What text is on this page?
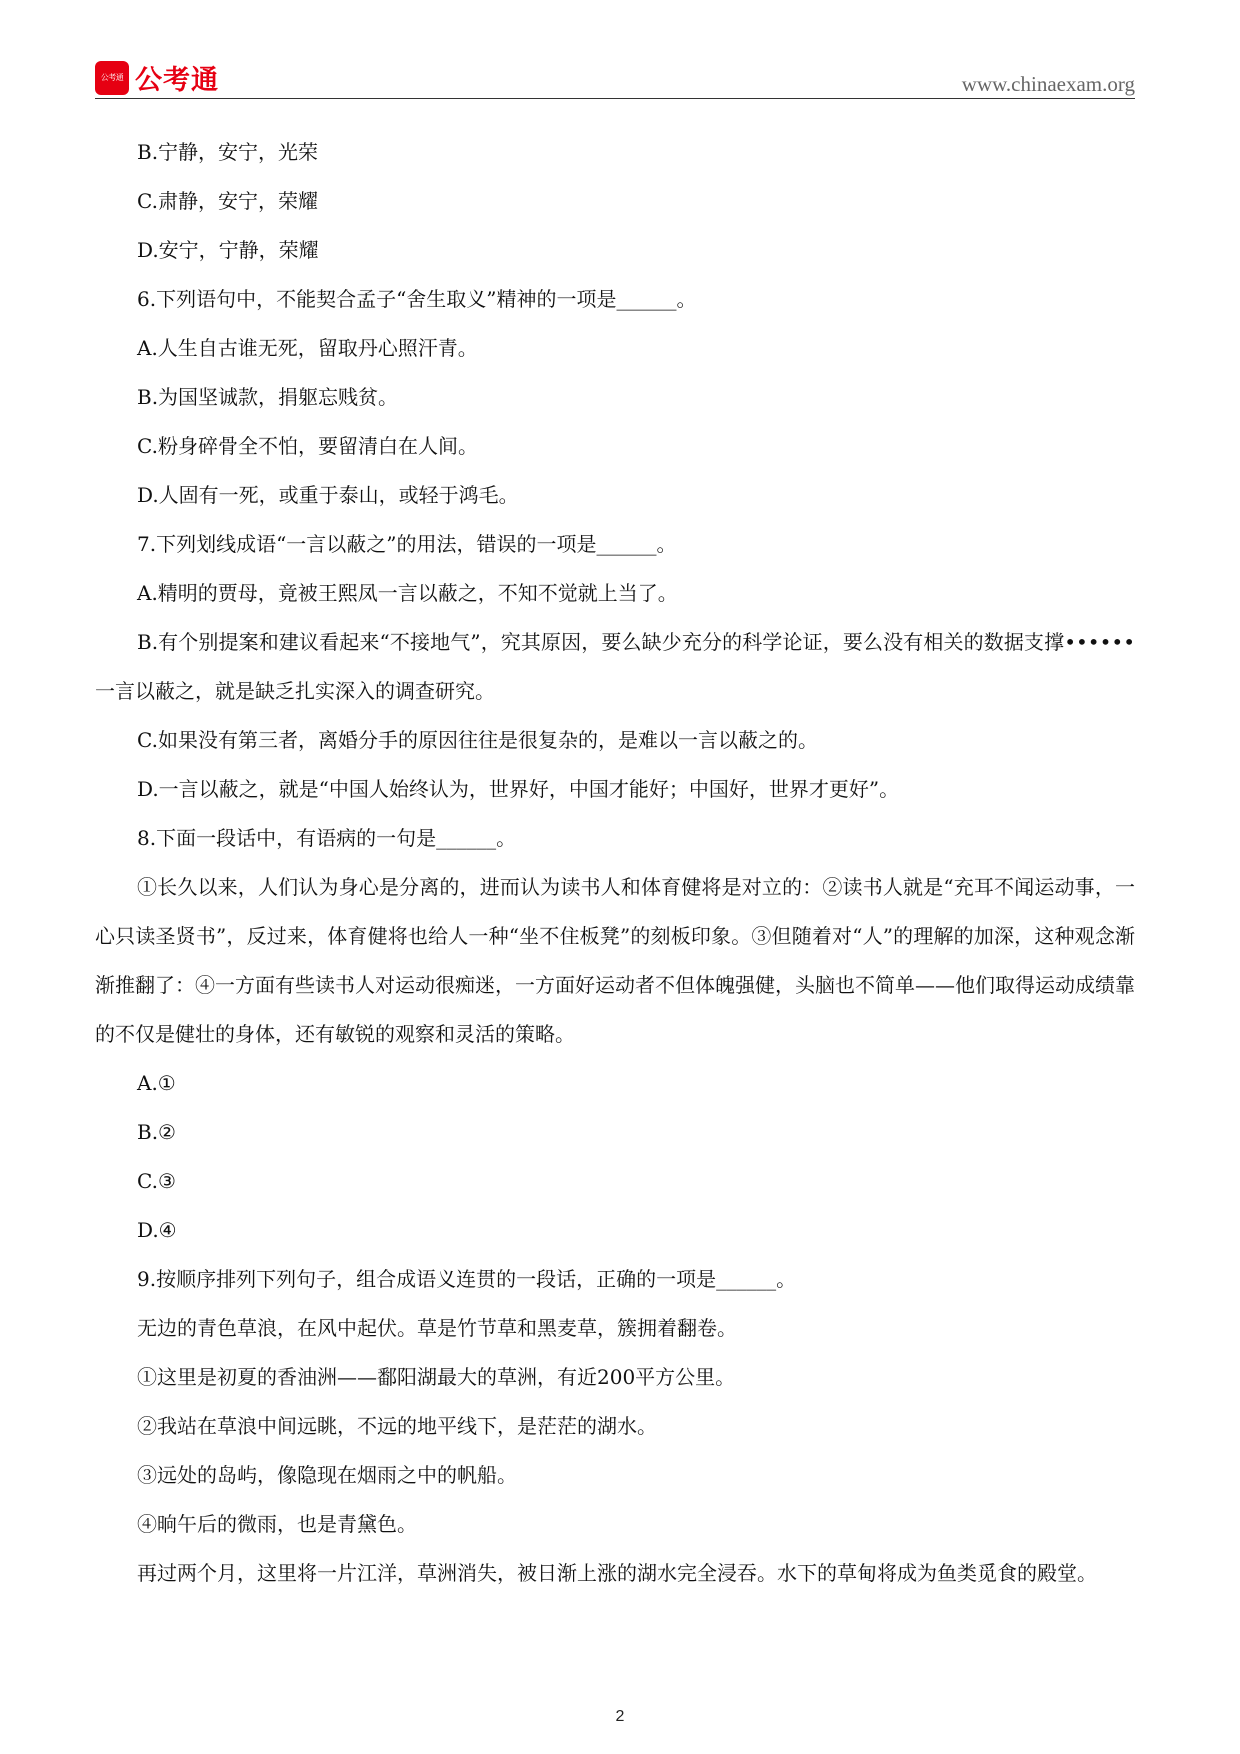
公考通 公考通	www.chinaexam.org
B.宁静，安宁，光荣
C.肃静，安宁，荣耀
D.安宁，宁静，荣耀
6.下列语句中，不能契合孟子“舍生取义”精神的一项是______。
A.人生自古谁无死，留取丹心照汗青。
B.为国坚诚款，捐躯忘贱贫。
C.粉身碎骨全不怕，要留清白在人间。
D.人固有一死，或重于泰山，或轻于鸿毛。
7.下列划线成语“一言以蔽之”的用法，错误的一项是______。
A.精明的贾母，竟被王熙凤一言以蔽之，不知不觉就上当了。
B.有个别提案和建议看起来“不接地气”，究其原因，要么缺少充分的科学论证，要么没有相关的数据支撑••••••一言以蔽之，就是缺乏扎实深入的调查研究。
C.如果没有第三者，离婚分手的原因往往是很复杂的，是难以一言以蔽之的。
D.一言以蔽之，就是“中国人始终认为，世界好，中国才能好；中国好，世界才更好”。
8.下面一段话中，有语病的一句是______。
①长久以来，人们认为身心是分离的，进而认为读书人和体育健将是对立的：②读书人就是“充耳不闻运动事，一心只读圣贤书”，反过来，体育健将也给人一种“坐不住板凳”的刻板印象。③但随着对“人”的理解的加深，这种观念渐渐推翻了：④一方面有些读书人对运动很痴迷，一方面好运动者不但体魄强健，头脑也不简单——他们取得运动成绩靠的不仅是健壮的身体，还有敏锐的观察和灵活的策略。
A.①
B.②
C.③
D.④
9.按顺序排列下列句子，组合成语义连贯的一段话，正确的一项是______。
无边的青色草浪，在风中起伏。草是竹节草和黑麦草，簇拥着翻卷。
①这里是初夏的香油洲——鄱阳湖最大的草洲，有近200平方公里。
②我站在草浪中间远眺，不远的地平线下，是茫茫的湖水。
③远处的岛屿，像隐现在烟雨之中的帆船。
④晌午后的微雨，也是青黛色。
再过两个月，这里将一片江洋，草洲消失，被日渐上涨的湖水完全浸吞。水下的草甸将成为鱼类觅食的殿堂。
2
